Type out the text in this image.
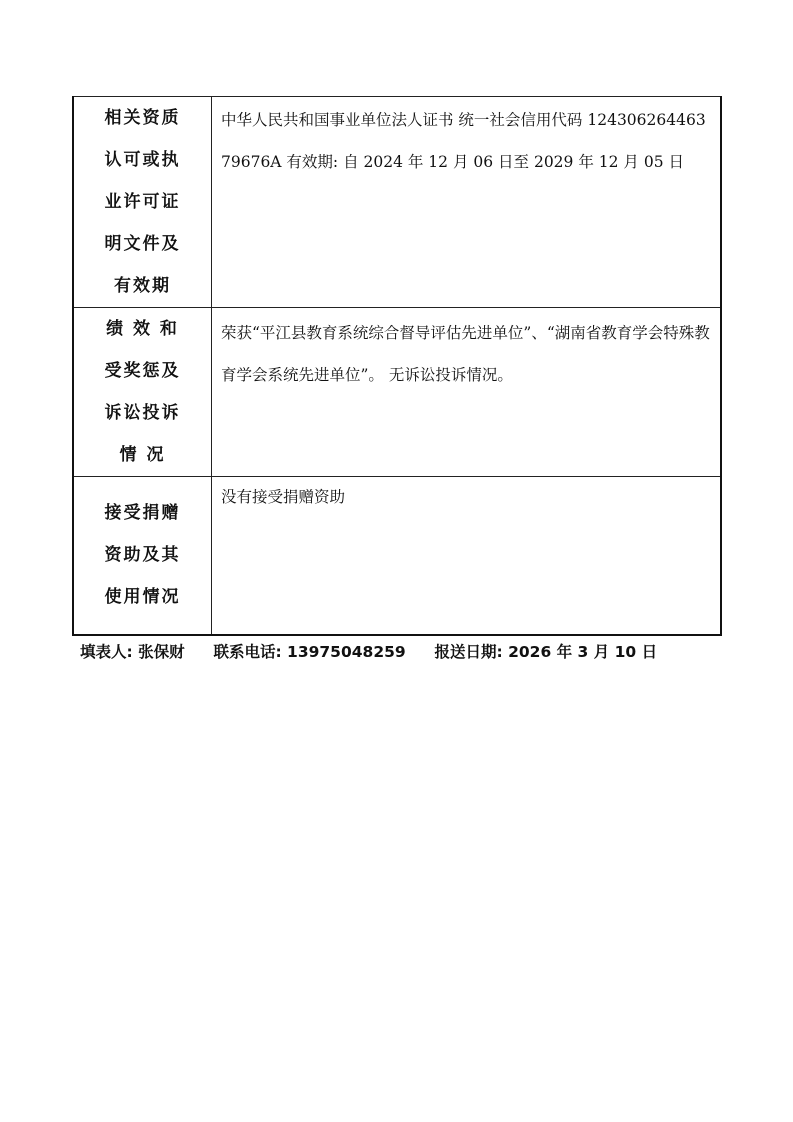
相关资质
认可或执
业许可证
明文件及
有效期	中华人民共和国事业单位法人证书 统一社会信用代码 12430626446379676A 有效期: 自 2024 年 12 月 06 日至 2029 年 12 月 05 日

绩 效 和
受奖惩及
诉讼投诉
情 况	荣获“平江县教育系统综合督导评估先进单位”、“湖南省教育学会特殊教育学会系统先进单位”。 无诉讼投诉情况。

接受捐赠
资助及其
使用情况	没有接受捐赠资助
填表人: 张保财 联系电话: 13975048259 报送日期: 2026 年 3 月 10 日
